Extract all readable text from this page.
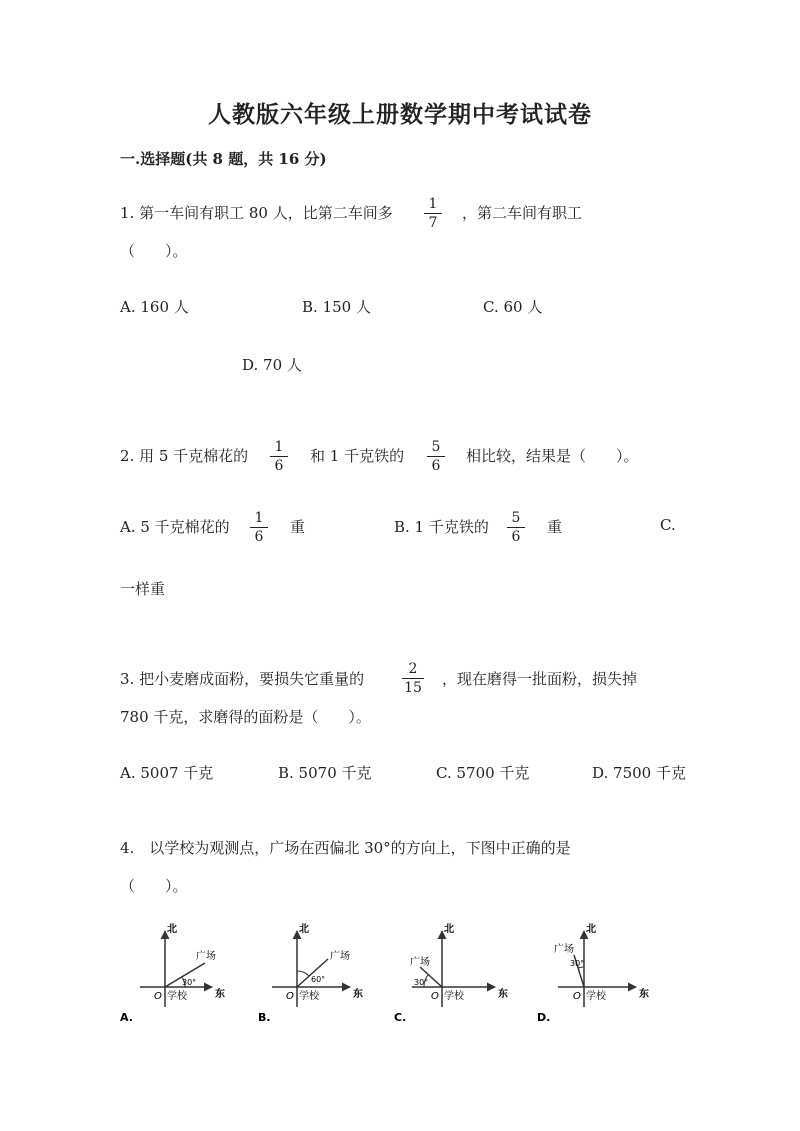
人教版六年级上册数学期中考试试卷
一.选择题(共 8 题，共 16 分)
1. 第一车间有职工 80 人，比第二车间多	1
7
，第二车间有职工
（　　）。
A. 160 人	B. 150 人	C. 60 人
D. 70 人
2. 用 5 千克棉花的	1
6
和 1 千克铁的	5
6
相比较，结果是（　　）。
A. 5 千克棉花的	1
6
重	B. 1 千克铁的	5
6
重	C.
一样重
3. 把小麦磨成面粉，要损失它重量的
2
15 ，现在磨得一批面粉，损失掉
780 千克，求磨得的面粉是（　　）。
A. 5007 千克	B. 5070 千克	C. 5700 千克	D. 7500 千克
4.　以学校为观测点，广场在西偏北 30°的方向上，下图中正确的是
（　　）。
北
东
O 学校
广场
30°
A.
北
东
O 学校
广场
60°
B.
北
东
O 学校
广场
30°
C.
北
东
O 学校
广场
30°
D.
